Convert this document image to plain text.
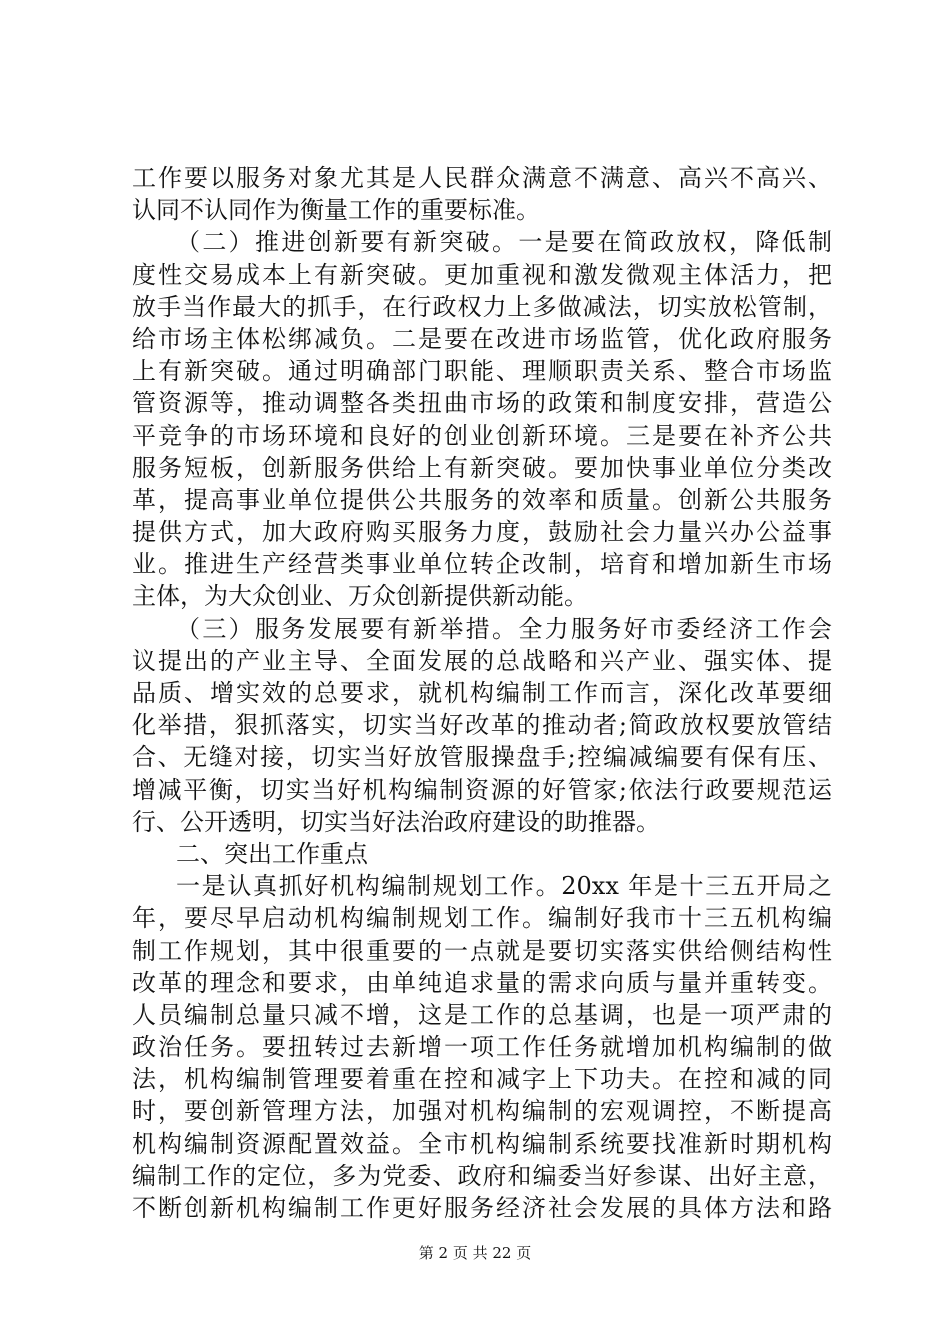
工作要以服务对象尤其是人民群众满意不满意、高兴不高兴、
认同不认同作为衡量工作的重要标准。
（二）推进创新要有新突破。一是要在简政放权，降低制
度性交易成本上有新突破。更加重视和激发微观主体活力，把
放手当作最大的抓手，在行政权力上多做减法，切实放松管制，
给市场主体松绑减负。二是要在改进市场监管，优化政府服务
上有新突破。通过明确部门职能、理顺职责关系、整合市场监
管资源等，推动调整各类扭曲市场的政策和制度安排，营造公
平竞争的市场环境和良好的创业创新环境。三是要在补齐公共
服务短板，创新服务供给上有新突破。要加快事业单位分类改
革，提高事业单位提供公共服务的效率和质量。创新公共服务
提供方式，加大政府购买服务力度，鼓励社会力量兴办公益事
业。推进生产经营类事业单位转企改制，培育和增加新生市场
主体，为大众创业、万众创新提供新动能。
（三）服务发展要有新举措。全力服务好市委经济工作会
议提出的产业主导、全面发展的总战略和兴产业、强实体、提
品质、增实效的总要求，就机构编制工作而言，深化改革要细
化举措，狠抓落实，切实当好改革的推动者;简政放权要放管结
合、无缝对接，切实当好放管服操盘手;控编减编要有保有压、
增减平衡，切实当好机构编制资源的好管家;依法行政要规范运
行、公开透明，切实当好法治政府建设的助推器。
二、突出工作重点
一是认真抓好机构编制规划工作。20xx 年是十三五开局之
年，要尽早启动机构编制规划工作。编制好我市十三五机构编
制工作规划，其中很重要的一点就是要切实落实供给侧结构性
改革的理念和要求，由单纯追求量的需求向质与量并重转变。
人员编制总量只减不增，这是工作的总基调，也是一项严肃的
政治任务。要扭转过去新增一项工作任务就增加机构编制的做
法，机构编制管理要着重在控和减字上下功夫。在控和减的同
时，要创新管理方法，加强对机构编制的宏观调控，不断提高
机构编制资源配置效益。全市机构编制系统要找准新时期机构
编制工作的定位，多为党委、政府和编委当好参谋、出好主意，
不断创新机构编制工作更好服务经济社会发展的具体方法和路
第 2 页 共 22 页
